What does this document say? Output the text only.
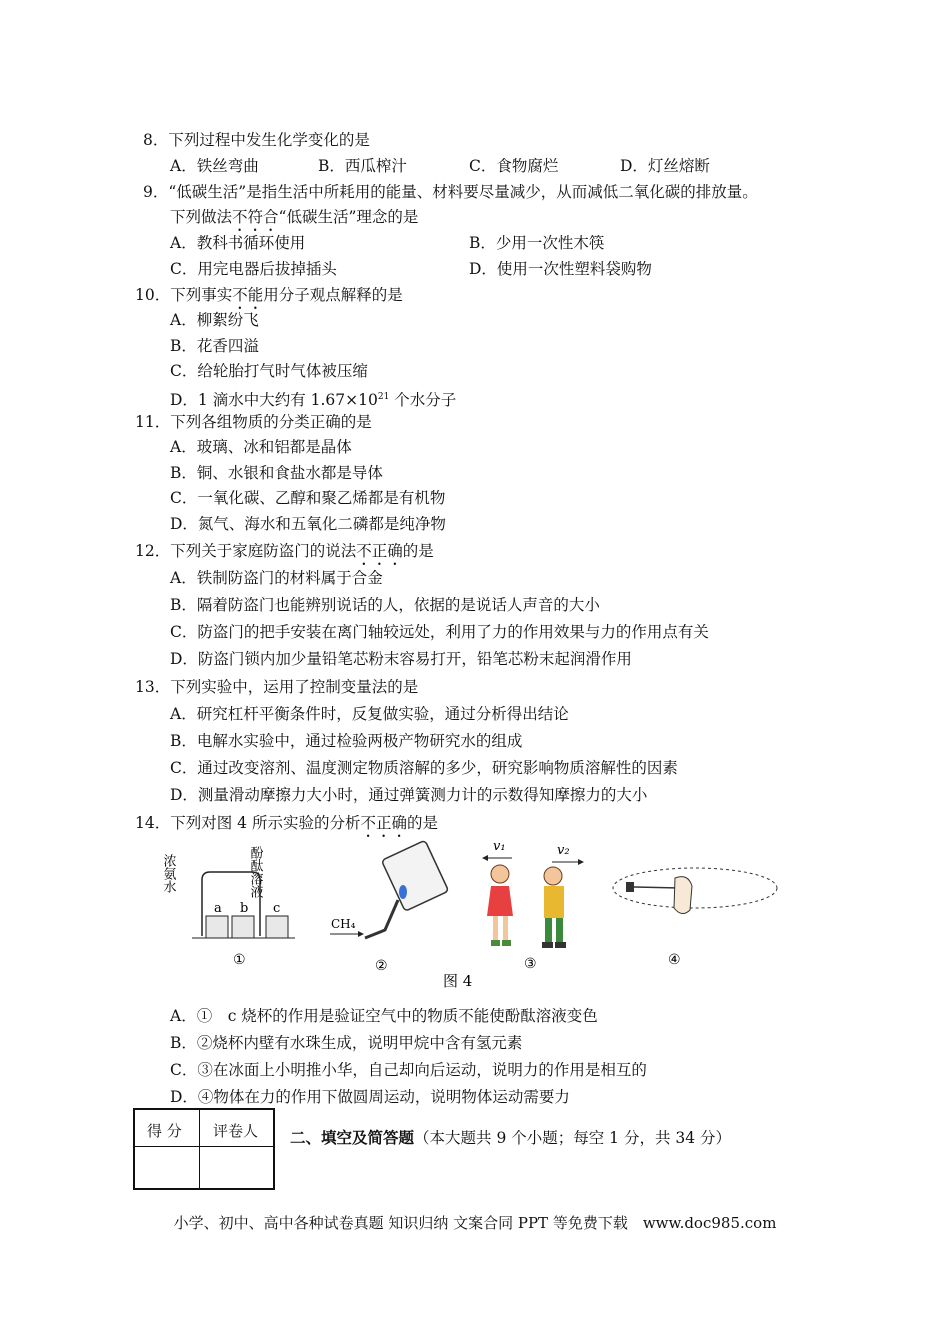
8．下列过程中发生化学变化的是
A．铁丝弯曲	B．西瓜榨汁	C．食物腐烂	D．灯丝熔断
9．“低碳生活”是指生活中所耗用的能量、材料要尽量减少，从而减低二氧化碳的排放量。
下列做法不符合“低碳生活”理念的是
A．教科书循环使用	B．少用一次性木筷
C．用完电器后拔掉插头	D．使用一次性塑料袋购物
10．下列事实不能用分子观点解释的是
A．柳絮纷飞
B．花香四溢
C．给轮胎打气时气体被压缩
D．1 滴水中大约有 $1.67\times 10^{21}$ 个水分子
11．下列各组物质的分类正确的是
A．玻璃、冰和铝都是晶体
B．铜、水银和食盐水都是导体
C．一氧化碳、乙醇和聚乙烯都是有机物
D．氮气、海水和五氧化二磷都是纯净物
12．下列关于家庭防盗门的说法不正确的是
A．铁制防盗门的材料属于合金
B．隔着防盗门也能辨别说话的人，依据的是说话人声音的大小
C．防盗门的把手安装在离门轴较远处，利用了力的作用效果与力的作用点有关
D．防盗门锁内加少量铅笔芯粉末容易打开，铅笔芯粉末起润滑作用
13．下列实验中，运用了控制变量法的是
A．研究杠杆平衡条件时，反复做实验，通过分析得出结论
B．电解水实验中，通过检验两极产物研究水的组成
C．通过改变溶剂、温度测定物质溶解的多少，研究影响物质溶解性的因素
D．测量滑动摩擦力大小时，通过弹簧测力计的示数得知摩擦力的大小
14．下列对图 4 所示实验的分析不正确的是
浓氨水	酚酞溶液
a b c
①
CH₄
②
v₁	v₂
③	④
图 4
A．①　c 烧杯的作用是验证空气中的物质不能使酚酞溶液变色
B．②烧杯内壁有水珠生成，说明甲烷中含有氢元素
C．③在冰面上小明推小华，自己却向后运动，说明力的作用是相互的
D．④物体在力的作用下做圆周运动，说明物体运动需要力
得 分 评卷人 二、填空及简答题（本大题共 9 个小题；每空 1 分，共 34 分）
小学、初中、高中各种试卷真题 知识归纳 文案合同 PPT 等免费下载　www.doc985.com
